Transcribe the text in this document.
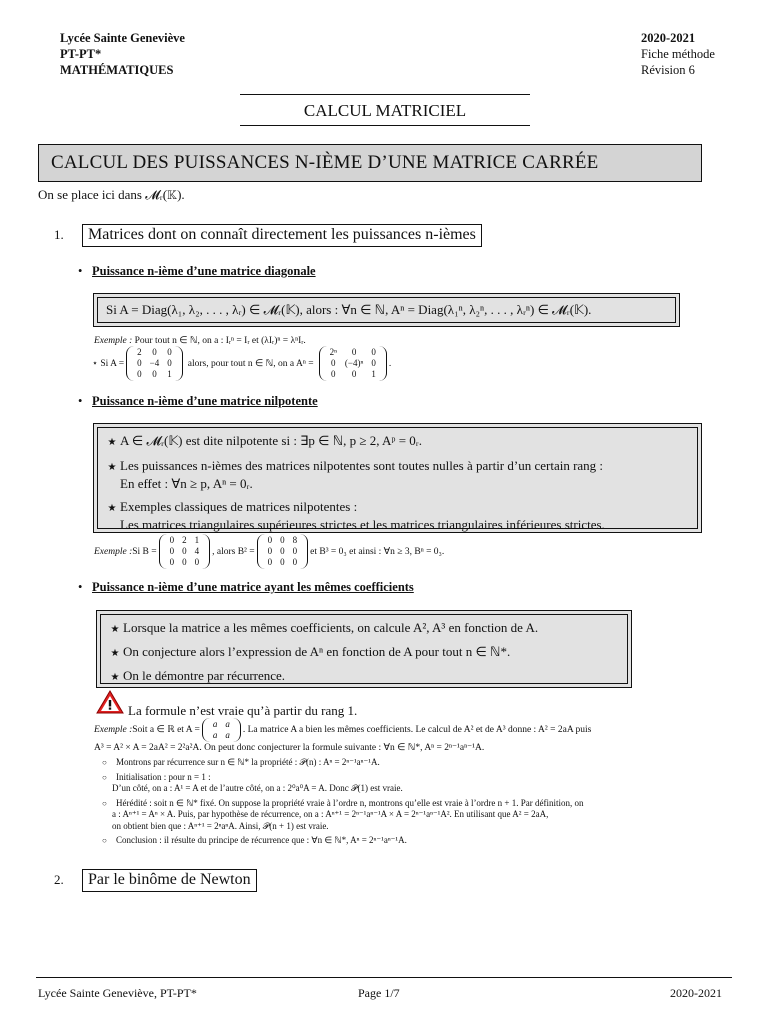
Lycée Sainte Geneviève
PT-PT*
MATHÉMATIQUES
2020-2021
Fiche méthode
Révision 6
CALCUL MATRICIEL
CALCUL DES PUISSANCES N-IÈME D’UNE MATRICE CARRÉE
On se place ici dans 𝓜ᵣ(𝕂).
1. Matrices dont on connaît directement les puissances n-ièmes
• Puissance n-ième d’une matrice diagonale
Si A = Diag(λ₁, λ₂, . . . , λᵣ) ∈ 𝓜ᵣ(𝕂), alors : ∀n ∈ ℕ, Aⁿ = Diag(λ₁ⁿ, λ₂ⁿ, . . . , λᵣⁿ) ∈ 𝓜ᵣ(𝕂).
Exemple : Pour tout n ∈ ℕ, on a : Iᵣⁿ = Iᵣ et (λIᵣ)ⁿ = λⁿIᵣ.
⋆ Si A =
2	0	0
0	−4	0
0	0	1
alors, pour tout n ∈ ℕ, on a Aⁿ =
2ⁿ	0	0
0	(−4)ⁿ	0
0	0	1
.
• Puissance n-ième d’une matrice nilpotente
★ A ∈ 𝓜ᵣ(𝕂) est dite nilpotente si : ∃p ∈ ℕ, p ≥ 2, Aᵖ = 0ᵣ.
★ Les puissances n-ièmes des matrices nilpotentes sont toutes nulles à partir d’un certain rang :
En effet : ∀n ≥ p, Aⁿ = 0ᵣ.
★ Exemples classiques de matrices nilpotentes :
Les matrices triangulaires supérieures strictes et les matrices triangulaires inférieures strictes.
Exemple : Si B =
0	2	1
0	0	4
0	0	0
, alors B² =
0	0	8
0	0	0
0	0	0
et B³ = 0₃ et ainsi : ∀n ≥ 3, Bⁿ = 0₃.
• Puissance n-ième d’une matrice ayant les mêmes coefficients
★ Lorsque la matrice a les mêmes coefficients, on calcule A², A³ en fonction de A.
★ On conjecture alors l’expression de Aⁿ en fonction de A pour tout n ∈ ℕ*.
★ On le démontre par récurrence.
La formule n’est vraie qu’à partir du rang 1.
Exemple : Soit a ∈ ℝ et A =
a	a
a	a . La matrice A a bien les mêmes coefficients. Le calcul de A² et de A³ donne : A² = 2aA puis
A³ = A² × A = 2aA² = 2²a²A. On peut donc conjecturer la formule suivante : ∀n ∈ ℕ*, Aⁿ = 2ⁿ⁻¹aⁿ⁻¹A.
○ Montrons par récurrence sur n ∈ ℕ* la propriété : 𝒫(n) : Aⁿ = 2ⁿ⁻¹aⁿ⁻¹A.
○ Initialisation : pour n = 1 :
D’un côté, on a : A¹ = A et de l’autre côté, on a : 2⁰a⁰A = A. Donc 𝒫(1) est vraie.
○ Hérédité : soit n ∈ ℕ* fixé. On suppose la propriété vraie à l’ordre n, montrons qu’elle est vraie à l’ordre n + 1. Par définition, on
a : Aⁿ⁺¹ = Aⁿ × A. Puis, par hypothèse de récurrence, on a : Aⁿ⁺¹ = 2ⁿ⁻¹aⁿ⁻¹A × A = 2ⁿ⁻¹aⁿ⁻¹A². En utilisant que A² = 2aA,
on obtient bien que : Aⁿ⁺¹ = 2ⁿaⁿA. Ainsi, 𝒫(n + 1) est vraie.
○ Conclusion : il résulte du principe de récurrence que : ∀n ∈ ℕ*, Aⁿ = 2ⁿ⁻¹aⁿ⁻¹A.
2. Par le binôme de Newton
Lycée Sainte Geneviève, PT-PT*	Page 1/7	2020-2021
